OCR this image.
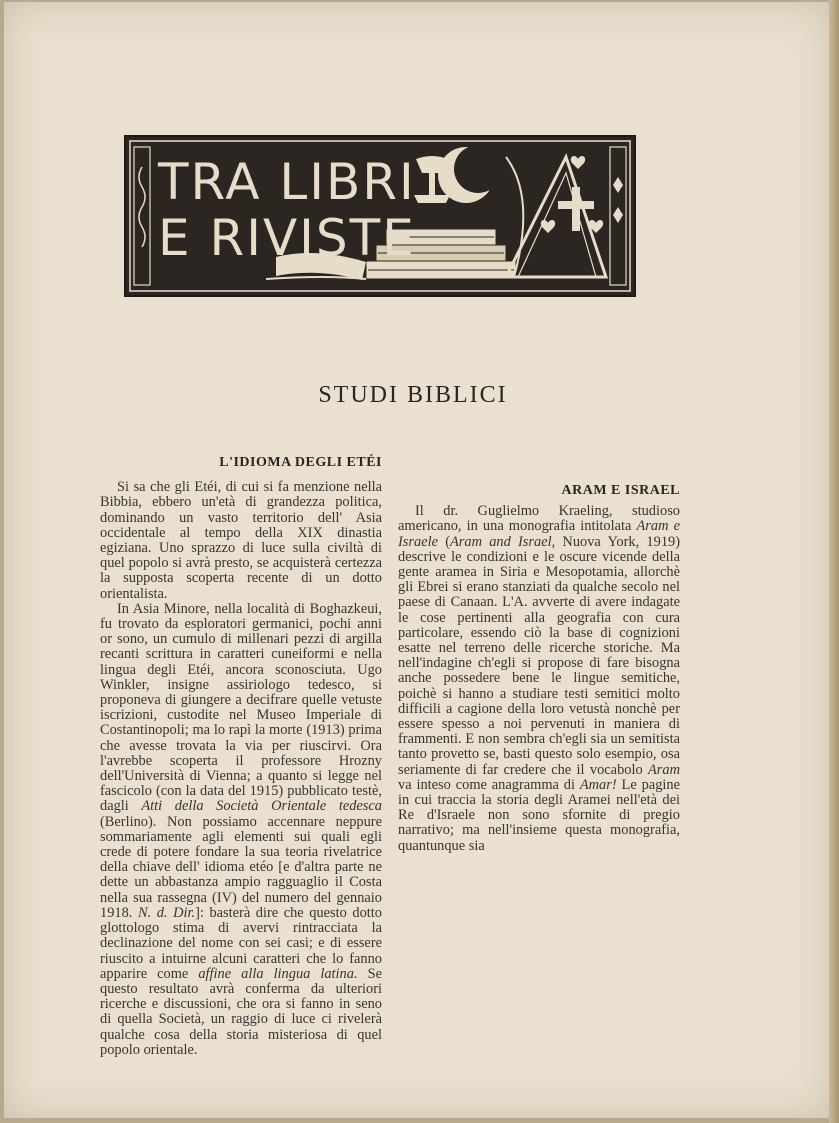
TRA LIBRI
E RIVISTE
STUDI BIBLICI
L'IDIOMA DEGLI ETÉI

Si sa che gli Etéi, di cui si fa menzione nella Bibbia, ebbero un'età di grandezza politica, dominando un vasto territorio dell' Asia occidentale al tempo della XIX dinastia egiziana. Uno sprazzo di luce sulla civiltà di quel popolo si avrà presto, se acquisterà certezza la supposta scoperta recente di un dotto orientalista.

In Asia Minore, nella località di Boghazkeui, fu trovato da esploratori germanici, pochi anni or sono, un cumulo di millenari pezzi di argilla recanti scrittura in caratteri cuneiformi e nella lingua degli Etéi, ancora sconosciuta. Ugo Winkler, insigne assiriologo tedesco, si proponeva di giungere a decifrare quelle vetuste iscrizioni, custodite nel Museo Imperiale di Costantinopoli; ma lo rapì la morte (1913) prima che avesse trovata la via per riuscirvi. Ora l'avrebbe scoperta il professore Hrozny dell'Università di Vienna; a quanto si legge nel fascicolo (con la data del 1915) pubblicato testè, dagli Atti della Società Orientale tedesca (Berlino). Non possiamo accennare neppure sommariamente agli elementi sui quali egli crede di potere fondare la sua teoria rivelatrice della chiave dell' idioma etéo [e d'altra parte ne dette un abbastanza ampio ragguaglio il Costa nella sua rassegna (IV) del numero del gennaio 1918. N. d. Dir.]: basterà dire che questo dotto glottologo stima di avervi rintracciata la declinazione del nome con sei casi; e di essere riuscito a intuirne alcuni caratteri che lo fanno apparire come affine alla lingua latina. Se questo resultato avrà conferma da ulteriori ricerche e discussioni, che ora si fanno in seno di quella Società, un raggio di luce ci rivelerà qualche cosa della storia misteriosa di quel popolo orientale.

ARAM E ISRAEL

Il dr. Guglielmo Kraeling, studioso americano, in una monografia intitolata Aram e Israele (Aram and Israel, Nuova York, 1919) descrive le condizioni e le oscure vicende della gente aramea in Siria e Mesopotamia, allorchè gli Ebrei si erano stanziati da qualche secolo nel paese di Canaan. L'A. avverte di avere indagate le cose pertinenti alla geografia con cura particolare, essendo ciò la base di cognizioni esatte nel terreno delle ricerche storiche. Ma nell'indagine ch'egli si propose di fare bisogna anche possedere bene le lingue semitiche, poichè si hanno a studiare testi semitici molto difficili a cagione della loro vetustà nonchè per essere spesso a noi pervenuti in maniera di frammenti. E non sembra ch'egli sia un semitista tanto provetto se, basti questo solo esempio, osa seriamente di far credere che il vocabolo Aram va inteso come anagramma di Amar! Le pagine in cui traccia la storia degli Aramei nell'età dei Re d'Israele non sono sfornite di pregio narrativo; ma nell'insieme questa monografia, quantunque sia
